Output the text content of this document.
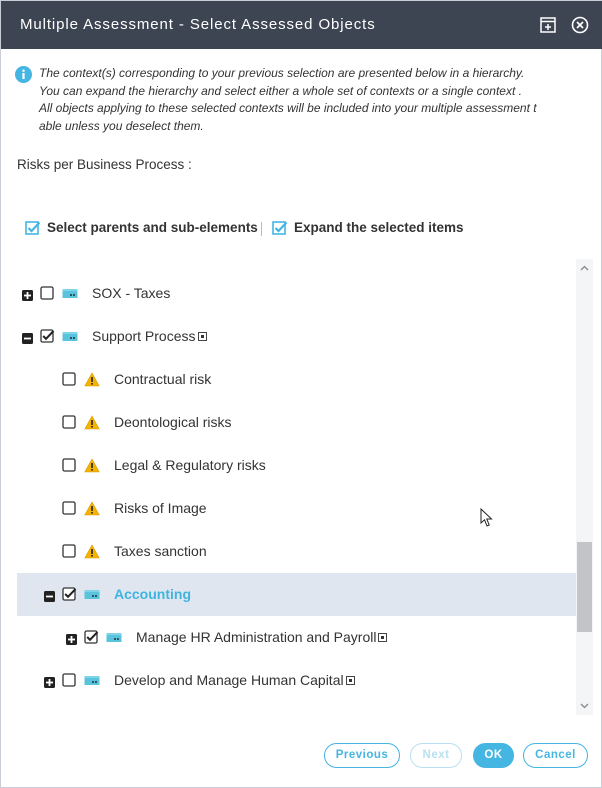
Multiple Assessment - Select Assessed Objects
The context(s) corresponding to your previous selection are presented below in a hierarchy.
You can expand the hierarchy and select either a whole set of contexts or a single context .
All objects applying to these selected contexts will be included into your multiple assessment t
able unless you deselect them.
Risks per Business Process :
Select parents and sub-elements	Expand the selected items
SOX - Taxes
Support Process
Contractual risk
Deontological risks
Legal & Regulatory risks
Risks of Image
Taxes sanction
Accounting
Manage HR Administration and Payroll
Develop and Manage Human Capital
Previous	Next	OK	Cancel
